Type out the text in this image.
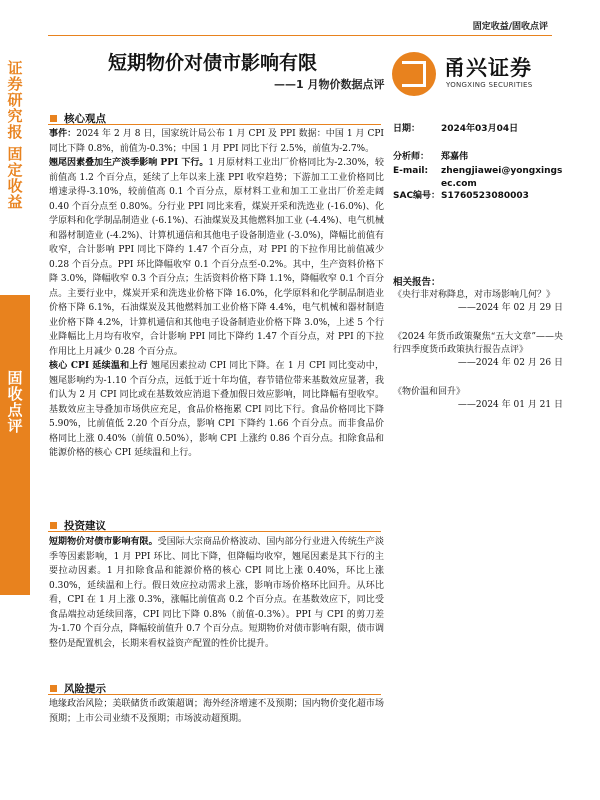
固定收益/固收点评
证
券
研
究
报
固
定
收
益
固
收
点
评
短期物价对债市影响有限
——1 月物价数据点评
甬兴证券
YONGXING SECURITIES
核心观点

事件：2024 年 2 月 8 日，国家统计局公布 1 月 CPI 及 PPI 数据：中国 1 月 CPI 同比下降 0.8%，前值为-0.3%；中国 1 月 PPI 同比下行 2.5%，前值为-2.7%。

翘尾因素叠加生产淡季影响 PPI 下行。1 月原材料工业出厂价格同比为-2.30%，较前值高 1.2 个百分点，延续了上年以来上涨 PPI 收窄趋势；下游加工工业价格同比增速录得-3.10%，较前值高 0.1 个百分点，原材料工业和加工工业出厂价差走阔 0.40 个百分点至 0.80%。分行业 PPI 同比来看，煤炭开采和洗选业 (-16.0%)、化学原料和化学制品制造业 (-6.1%)、石油煤炭及其他燃料加工业 (-4.4%)、电气机械和器材制造业 (-4.2%)、计算机通信和其他电子设备制造业 (-3.0%)，降幅比前值有收窄，合计影响 PPI 同比下降约 1.47 个百分点，对 PPI 的下拉作用比前值减少 0.28 个百分点。PPI 环比降幅收窄 0.1 个百分点至-0.2%。其中，生产资料价格下降 3.0%，降幅收窄 0.3 个百分点；生活资料价格下降 1.1%，降幅收窄 0.1 个百分点。主要行业中，煤炭开采和洗选业价格下降 16.0%，化学原料和化学制品制造业价格下降 6.1%，石油煤炭及其他燃料加工业价格下降 4.4%，电气机械和器材制造业价格下降 4.2%，计算机通信和其他电子设备制造业价格下降 3.0%，上述 5 个行业降幅比上月均有收窄，合计影响 PPI 同比下降约 1.47 个百分点，对 PPI 的下拉作用比上月减少 0.28 个百分点。

核心 CPI 延续温和上行 翘尾因素拉动 CPI 同比下降。在 1 月 CPI 同比变动中，翘尾影响约为-1.10 个百分点，远低于近十年均值，春节错位带来基数效应显著，我们认为 2 月 CPI 同比或在基数效应消退下叠加假日效应影响，同比降幅有望收窄。基数效应主导叠加市场供应充足，食品价格拖累 CPI 同比下行。食品价格同比下降 5.90%，比前值低 2.20 个百分点，影响 CPI 下降约 1.66 个百分点。而非食品价格同比上涨 0.40%（前值 0.50%），影响 CPI 上涨约 0.86 个百分点。扣除食品和能源价格的核心 CPI 延续温和上行。

投资建议

短期物价对债市影响有限。受国际大宗商品价格波动、国内部分行业进入传统生产淡季等因素影响，1 月 PPI 环比、同比下降，但降幅均收窄，翘尾因素是其下行的主要拉动因素。1 月扣除食品和能源价格的核心 CPI 同比上涨 0.40%，环比上涨 0.30%，延续温和上行。假日效应拉动需求上涨，影响市场价格环比回升。从环比看，CPI 在 1 月上涨 0.3%，涨幅比前值高 0.2 个百分点。在基数效应下，同比受食品端拉动延续回落，CPI 同比下降 0.8%（前值-0.3%）。PPI 与 CPI 的剪刀差为-1.70 个百分点，降幅较前值升 0.7 个百分点。短期物价对债市影响有限，债市调整仍是配置机会，长期来看权益资产配置的性价比提升。

风险提示

地缘政治风险；美联储货币政策超调；海外经济增速不及预期；国内物价变化超市场预期；上市公司业绩不及预期；市场波动超预期。

日期：	2024年03月04日
分析师：	郑嘉伟
E-mail:	zhengjiawei@yongxingsec.com
SAC编号： S1760523080003
相关报告：
《央行非对称降息，对市场影响几何？》
——2024 年 02 月 29 日
《2024 年货币政策聚焦“五大文章”——央行四季度货币政策执行报告点评》
——2024 年 02 月 26 日
《物价温和回升》
——2024 年 01 月 21 日
